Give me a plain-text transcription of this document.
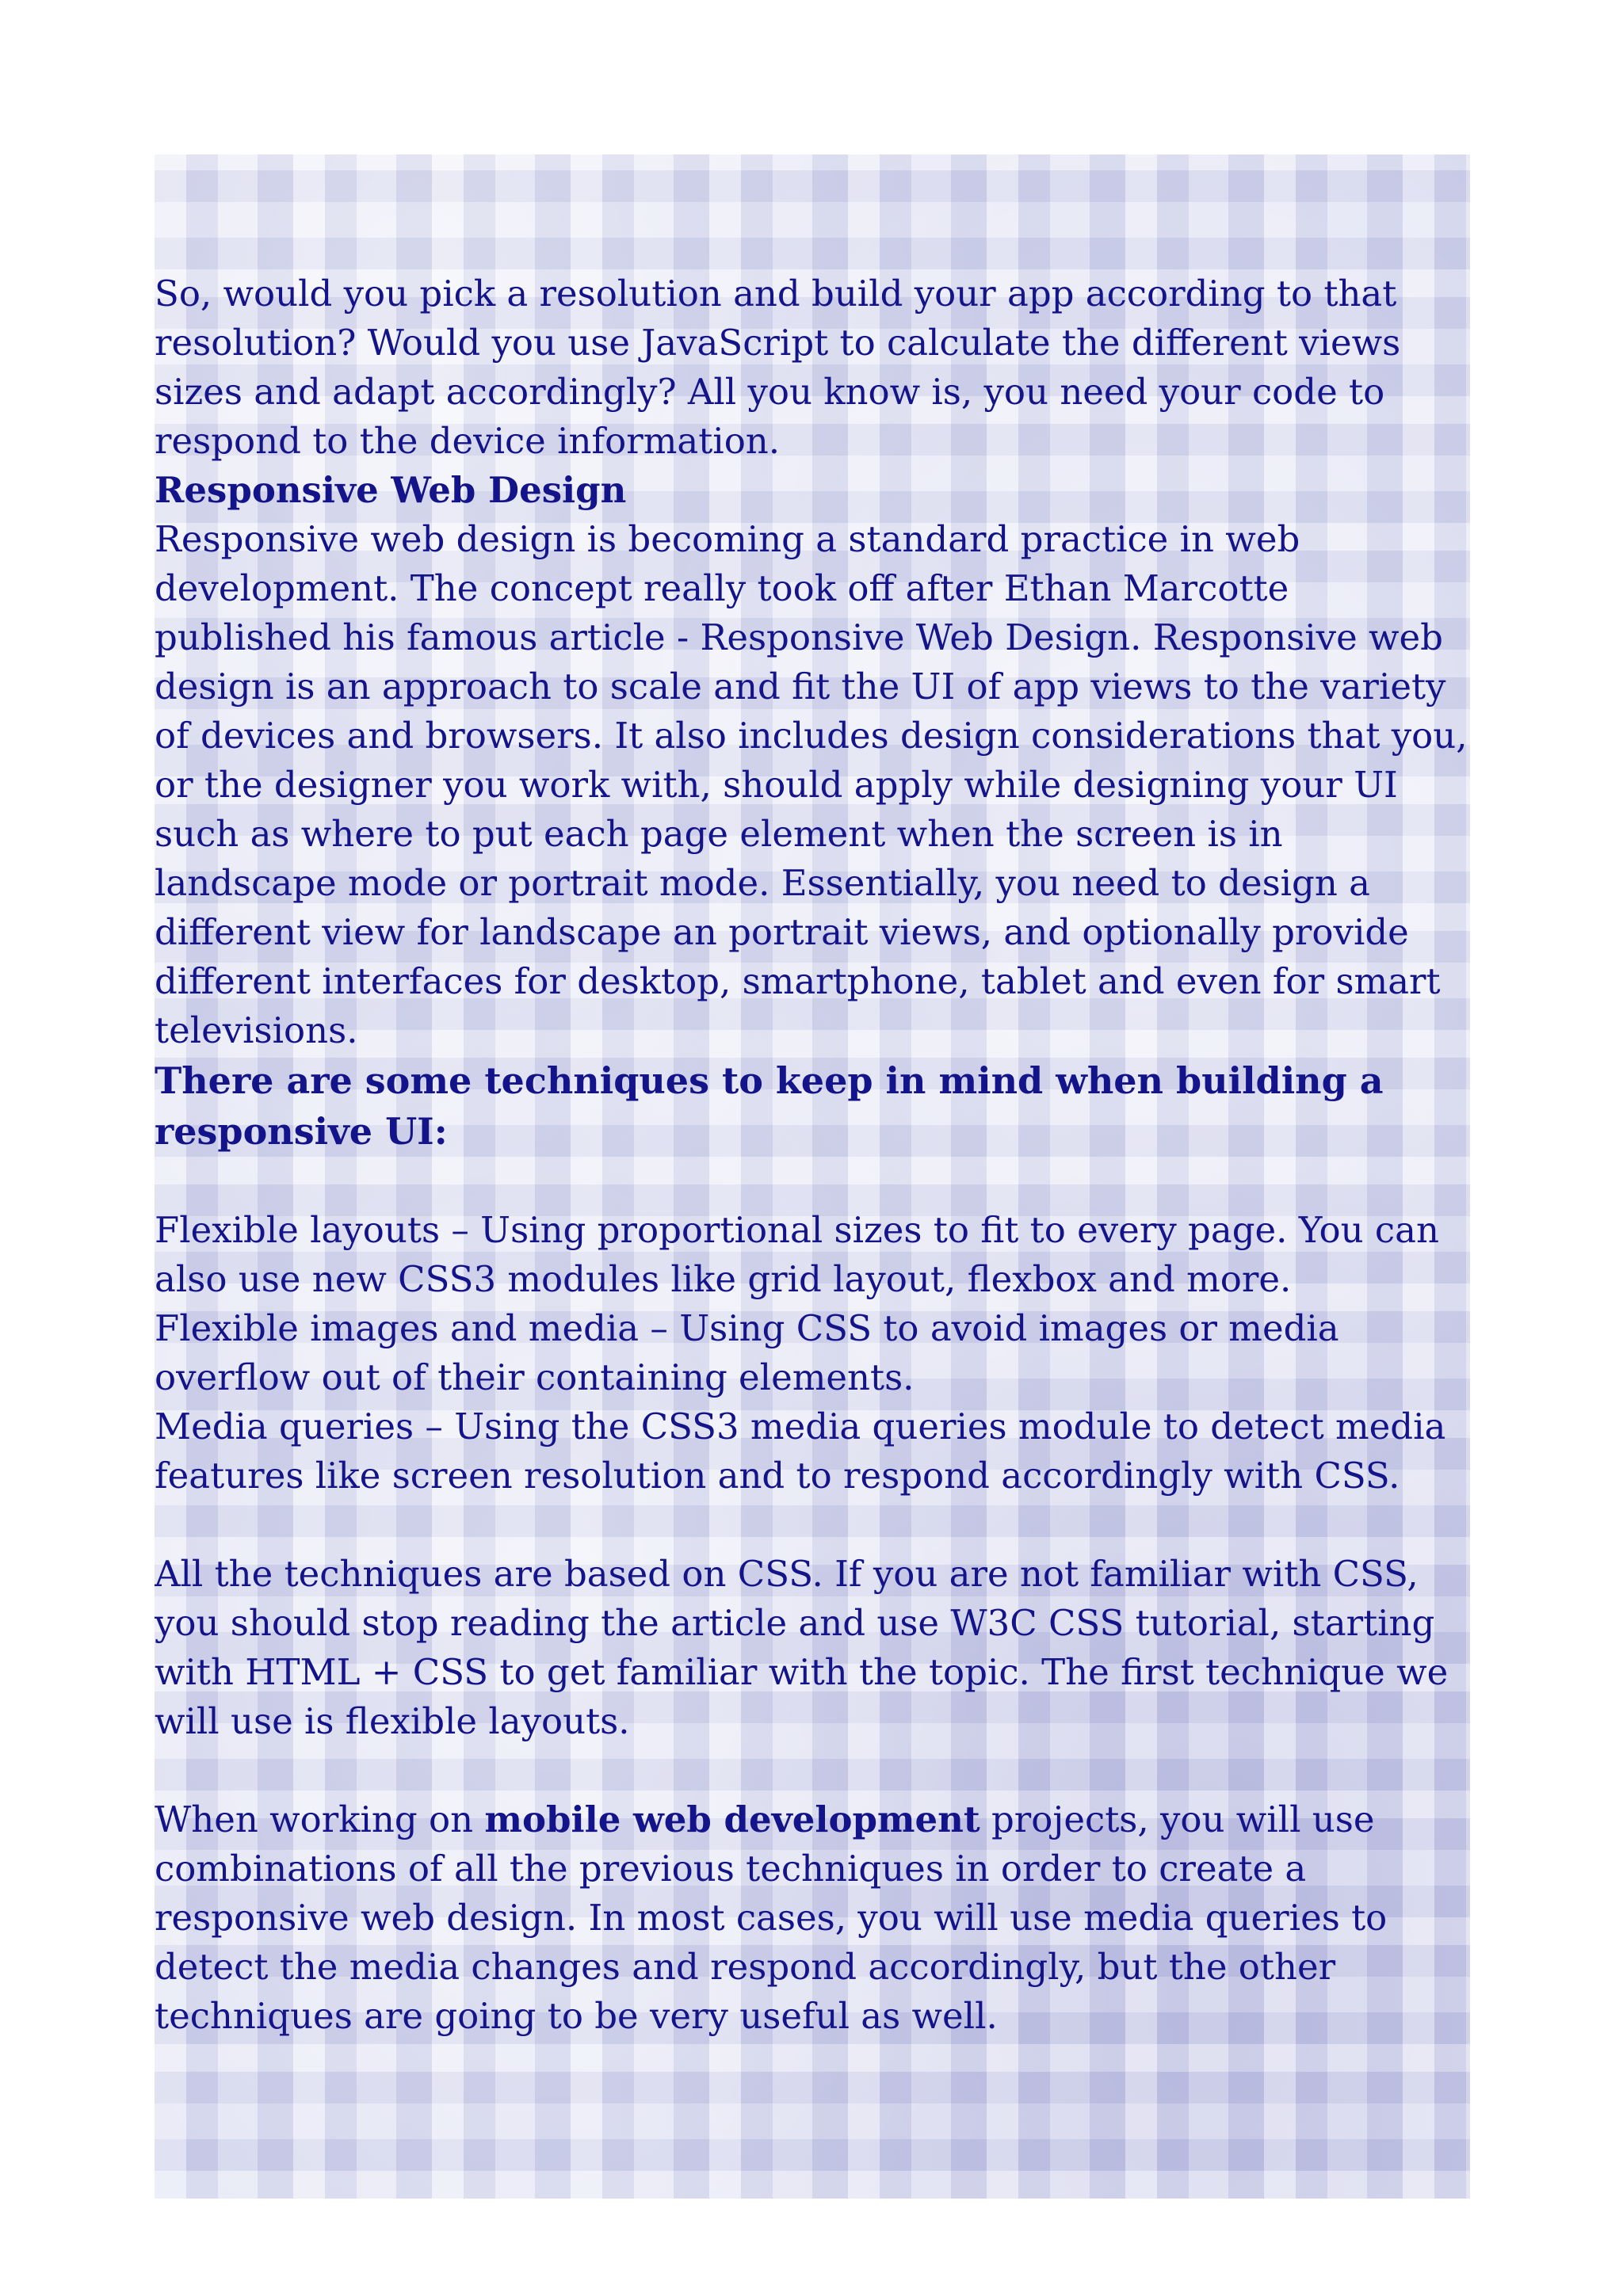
So, would you pick a resolution and build your app according to that resolution? Would you use JavaScript to calculate the different views sizes and adapt accordingly? All you know is, you need your code to respond to the device information.

Responsive Web Design

Responsive web design is becoming a standard practice in web development. The concept really took off after Ethan Marcotte published his famous article - Responsive Web Design. Responsive web design is an approach to scale and fit the UI of app views to the variety of devices and browsers. It also includes design considerations that you, or the designer you work with, should apply while designing your UI such as where to put each page element when the screen is in landscape mode or portrait mode. Essentially, you need to design a different view for landscape an portrait views, and optionally provide different interfaces for desktop, smartphone, tablet and even for smart televisions.

There are some techniques to keep in mind when building a responsive UI:

Flexible layouts – Using proportional sizes to fit to every page. You can also use new CSS3 modules like grid layout, flexbox and more.

Flexible images and media – Using CSS to avoid images or media overflow out of their containing elements.

Media queries – Using the CSS3 media queries module to detect media features like screen resolution and to respond accordingly with CSS.

All the techniques are based on CSS. If you are not familiar with CSS, you should stop reading the article and use W3C CSS tutorial, starting with HTML + CSS to get familiar with the topic. The first technique we will use is flexible layouts.

When working on mobile web development projects, you will use combinations of all the previous techniques in order to create a responsive web design. In most cases, you will use media queries to detect the media changes and respond accordingly, but the other techniques are going to be very useful as well.
